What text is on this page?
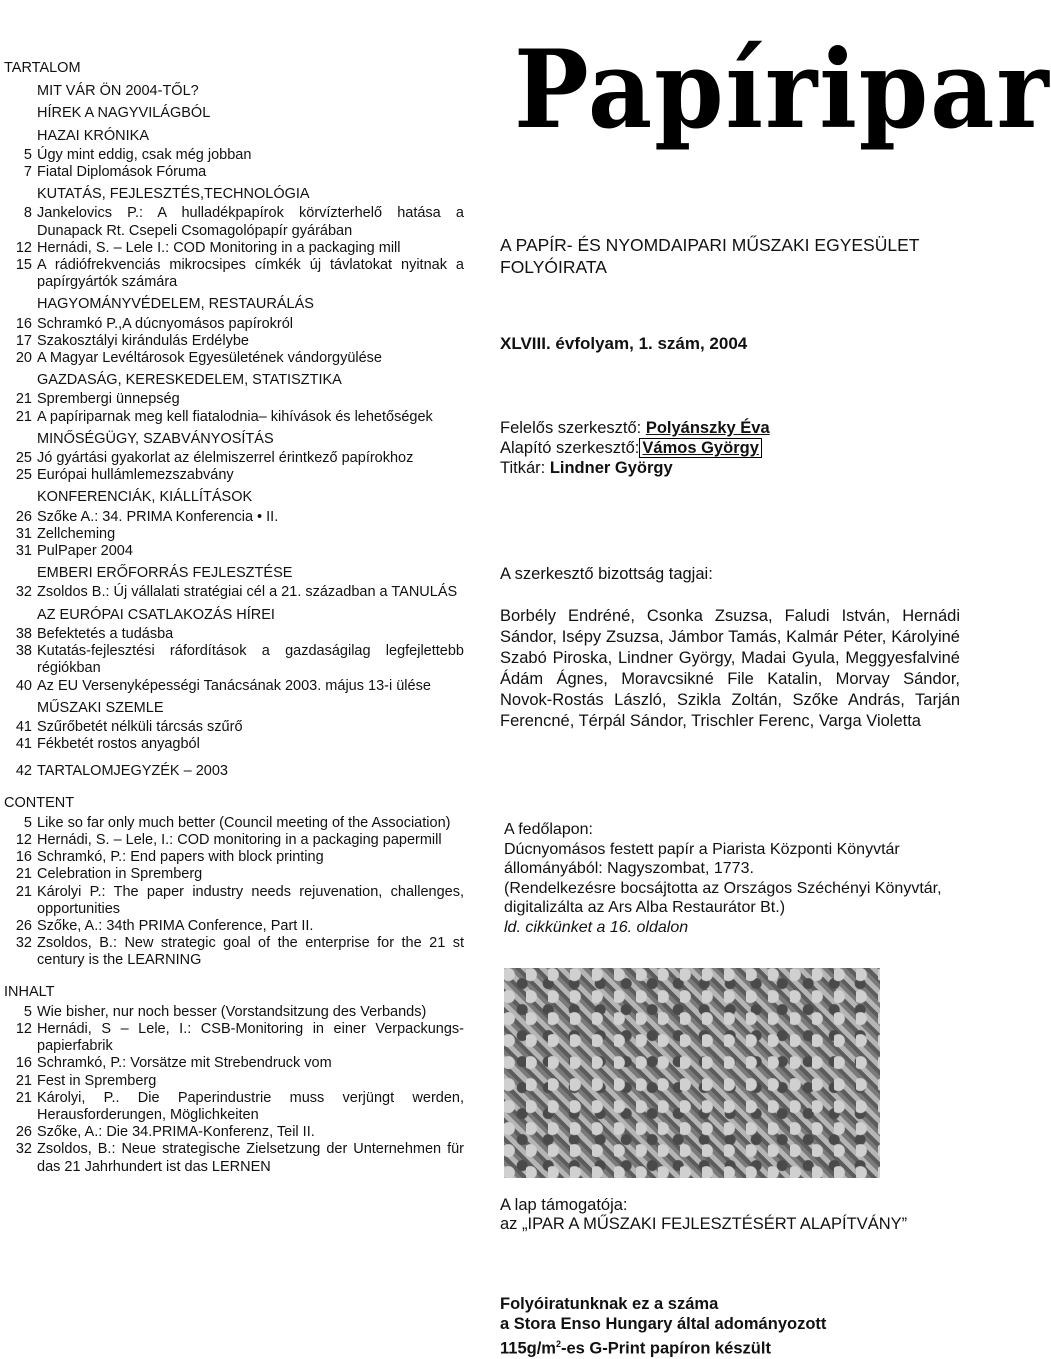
TARTALOM
MIT VÁR ÖN 2004-TŐL?
HÍREK A NAGYVILÁGBÓL
HAZAI KRÓNIKA
5 Úgy mint eddig, csak még jobban
7 Fiatal Diplomások Fóruma
KUTATÁS, FEJLESZTÉS,TECHNOLÓGIA
8 Jankelovics P.: A hulladékpapírok körvízterhelő hatása a Dunapack Rt. Csepeli Csomagolópapír gyárában
12 Hernádi, S. – Lele I.: COD Monitoring in a packaging mill
15 A rádiófrekvenciás mikrocsipes címkék új távlatokat nyitnak a papírgyártók számára
HAGYOMÁNYVÉDELEM, RESTAURÁLÁS
16 Schramkó P.,A dúcnyomásos papírokról
17 Szakosztályi kirándulás Erdélybe
20 A Magyar Levéltárosok Egyesületének vándorgyülése
GAZDASÁG, KERESKEDELEM, STATISZTIKA
21 Sprembergi ünnepség
21 A papíriparnak meg kell fiatalodnia– kihívások és lehetőségek
MINŐSÉGÜGY, SZABVÁNYOSÍTÁS
25 Jó gyártási gyakorlat az élelmiszerrel érintkező papírokhoz
25 Európai hullámlemezszabvány
KONFERENCIÁK, KIÁLLÍTÁSOK
26 Szőke A.: 34. PRIMA Konferencia • II.
31 Zellcheming
31 PulPaper 2004
EMBERI ERŐFORRÁS FEJLESZTÉSE
32 Zsoldos B.: Új vállalati stratégiai cél a 21. században a TANULÁS
AZ EURÓPAI CSATLAKOZÁS HÍREI
38 Befektetés a tudásba
38 Kutatás-fejlesztési ráfordítások a gazdaságilag legfejlettebb régiókban
40 Az EU Versenyképességi Tanácsának 2003. május 13-i ülése
MŰSZAKI SZEMLE
41 Szűrőbetét nélküli tárcsás szűrő
41 Fékbetét rostos anyagból
42 TARTALOMJEGYZÉK – 2003
CONTENT
5 Like so far only much better (Council meeting of the Association)
12 Hernádi, S. – Lele, I.: COD monitoring in a packaging papermill
16 Schramkó, P.: End papers with block printing
21 Celebration in Spremberg
21 Károlyi P.: The paper industry needs rejuvenation, challenges, opportunities
26 Szőke, A.: 34th PRIMA Conference, Part II.
32 Zsoldos, B.: New strategic goal of the enterprise for the 21 st century is the LEARNING
INHALT
5 Wie bisher, nur noch besser (Vorstandsitzung des Verbands)
12 Hernádi, S – Lele, I.: CSB-Monitoring in einer Verpackungs-papierfabrik
16 Schramkó, P.: Vorsätze mit Strebendruck vom
21 Fest in Spremberg
21 Károlyi, P.. Die Paperindustrie muss verjüngt werden, Herausforderungen, Möglichkeiten
26 Szőke, A.: Die 34.PRIMA-Konferenz, Teil II.
32 Zsoldos, B.: Neue strategische Zielsetzung der Unternehmen für das 21 Jahrhundert ist das LERNEN
Papíripar
A PAPÍR- ÉS NYOMDAIPARI MŰSZAKI EGYESÜLET FOLYÓIRATA
XLVIII. évfolyam, 1. szám, 2004
Felelős szerkesztő: Polyánszky Éva
Alapító szerkesztő: Vámos György
Titkár: Lindner György
A szerkesztő bizottság tagjai:
Borbély Endréné, Csonka Zsuzsa, Faludi István, Hernádi Sándor, Isépy Zsuzsa, Jámbor Tamás, Kalmár Péter, Károlyiné Szabó Piroska, Lindner György, Madai Gyula, Meggyesfalviné Ádám Ágnes, Moravcsikné File Katalin, Morvay Sándor, Novok-Rostás László, Szikla Zoltán, Szőke András, Tarján Ferencné, Térpál Sándor, Trischler Ferenc, Varga Violetta
A fedőlapon:
Dúcnyomásos festett papír a Piarista Központi Könyvtár állományából: Nagyszombat, 1773.
(Rendelkezésre bocsájtotta az Országos Széchényi Könyvtár, digitalizálta az Ars Alba Restaurátor Bt.)
ld. cikkünket a 16. oldalon
A lap támogatója:
az „IPAR A MŰSZAKI FEJLESZTÉSÉRT ALAPÍTVÁNY”
Folyóiratunknak ez a száma
a Stora Enso Hungary által adományozott
$115g/m^2-es$ G-Print papíron készült
